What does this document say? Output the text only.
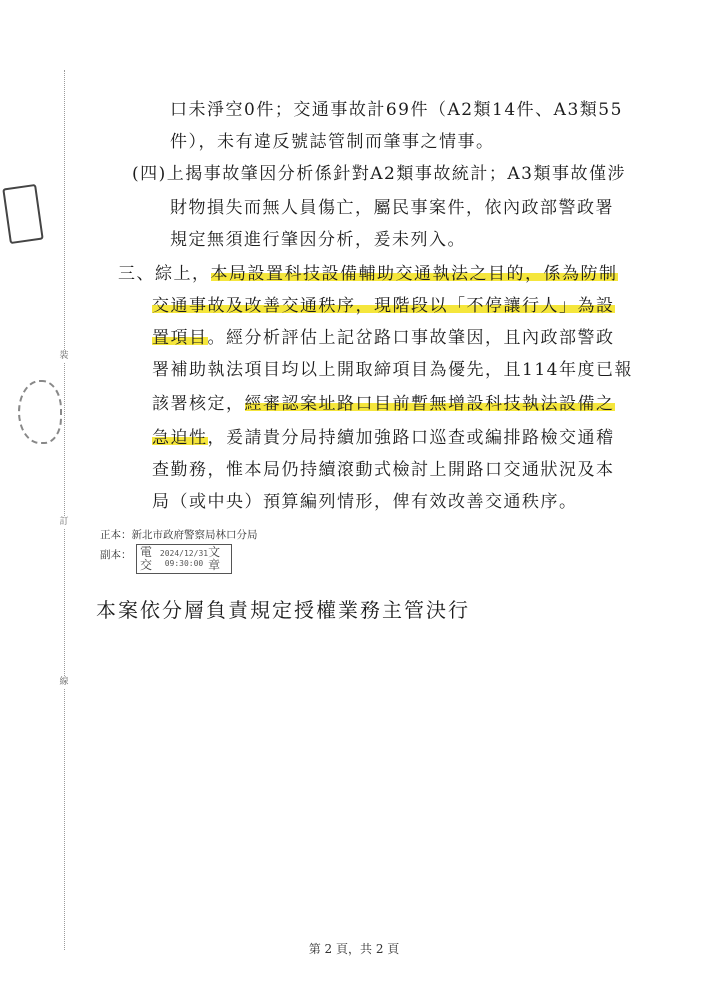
裝
訂
線
口未淨空0件；交通事故計69件（A2類14件、A3類55
件），未有違反號誌管制而肇事之情事。
(四)上揭事故肇因分析係針對A2類事故統計；A3類事故僅涉
財物損失而無人員傷亡，屬民事案件，依內政部警政署
規定無須進行肇因分析，爰未列入。
三、綜上，本局設置科技設備輔助交通執法之目的，係為防制
交通事故及改善交通秩序，現階段以「不停讓行人」為設
置項目。經分析評估上記岔路口事故肇因，且內政部警政
署補助執法項目均以上開取締項目為優先，且114年度已報
該署核定，經審認案址路口目前暫無增設科技執法設備之
急迫性，爰請貴分局持續加強路口巡查或編排路檢交通稽
查勤務，惟本局仍持續滾動式檢討上開路口交通狀況及本
局（或中央）預算編列情形，俾有效改善交通秩序。
正本：新北市政府警察局林口分局
副本： 電交
2024/12/31
09:30:00
文章
本案依分層負責規定授權業務主管決行
第 2 頁，共 2 頁
